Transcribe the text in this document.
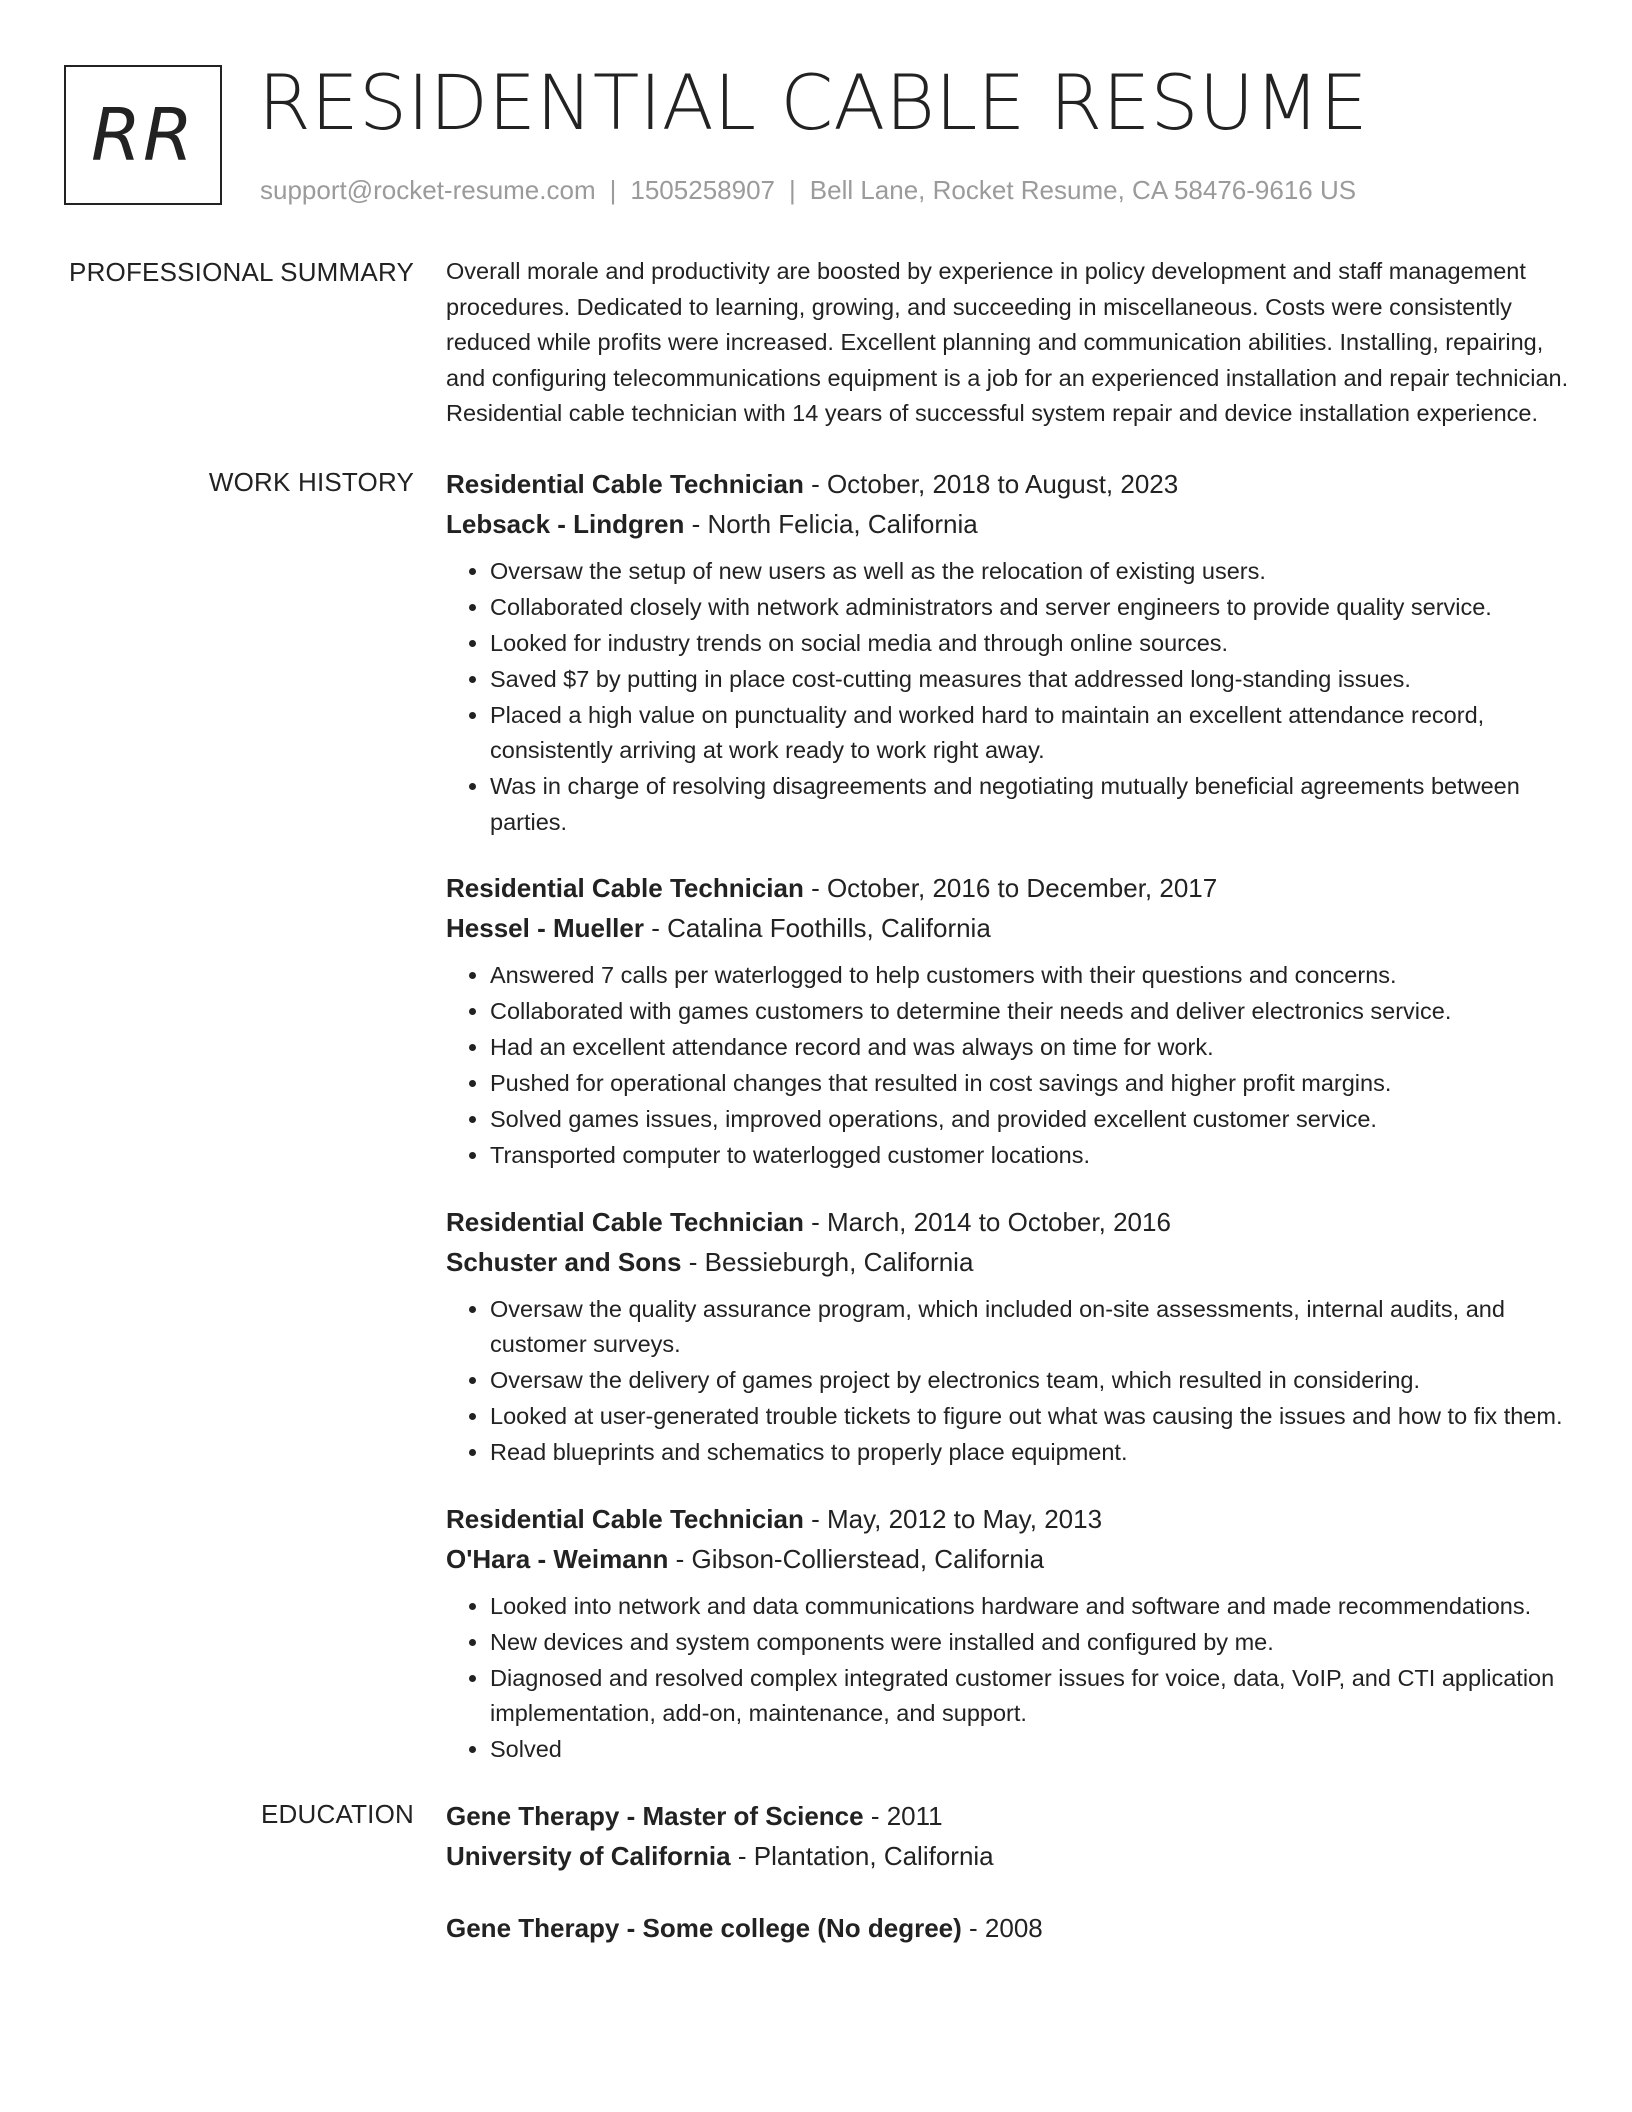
RR RESIDENTIAL CABLE RESUME
support@rocket-resume.com | 1505258907 | Bell Lane, Rocket Resume, CA 58476-9616 US
PROFESSIONAL SUMMARY Overall morale and productivity are boosted by experience in policy development and staff management procedures. Dedicated to learning, growing, and succeeding in miscellaneous. Costs were consistently reduced while profits were increased. Excellent planning and communication abilities. Installing, repairing, and configuring telecommunications equipment is a job for an experienced installation and repair technician. Residential cable technician with 14 years of successful system repair and device installation experience.

WORK HISTORY Residential Cable Technician - October, 2018 to August, 2023
Lebsack - Lindgren - North Felicia, California
• Oversaw the setup of new users as well as the relocation of existing users.
• Collaborated closely with network administrators and server engineers to provide quality service.
• Looked for industry trends on social media and through online sources.
• Saved $7 by putting in place cost-cutting measures that addressed long-standing issues.
• Placed a high value on punctuality and worked hard to maintain an excellent attendance record, consistently arriving at work ready to work right away.
• Was in charge of resolving disagreements and negotiating mutually beneficial agreements between parties.
Residential Cable Technician - October, 2016 to December, 2017
Hessel - Mueller - Catalina Foothills, California
• Answered 7 calls per waterlogged to help customers with their questions and concerns.
• Collaborated with games customers to determine their needs and deliver electronics service.
• Had an excellent attendance record and was always on time for work.
• Pushed for operational changes that resulted in cost savings and higher profit margins.
• Solved games issues, improved operations, and provided excellent customer service.
• Transported computer to waterlogged customer locations.
Residential Cable Technician - March, 2014 to October, 2016
Schuster and Sons - Bessieburgh, California
• Oversaw the quality assurance program, which included on-site assessments, internal audits, and customer surveys.
• Oversaw the delivery of games project by electronics team, which resulted in considering.
• Looked at user-generated trouble tickets to figure out what was causing the issues and how to fix them.
• Read blueprints and schematics to properly place equipment.
Residential Cable Technician - May, 2012 to May, 2013
O'Hara - Weimann - Gibson-Collierstead, California
• Looked into network and data communications hardware and software and made recommendations.
• New devices and system components were installed and configured by me.
• Diagnosed and resolved complex integrated customer issues for voice, data, VoIP, and CTI application implementation, add-on, maintenance, and support.
• Solved
EDUCATION Gene Therapy - Master of Science - 2011
University of California - Plantation, California
Gene Therapy - Some college (No degree) - 2008
